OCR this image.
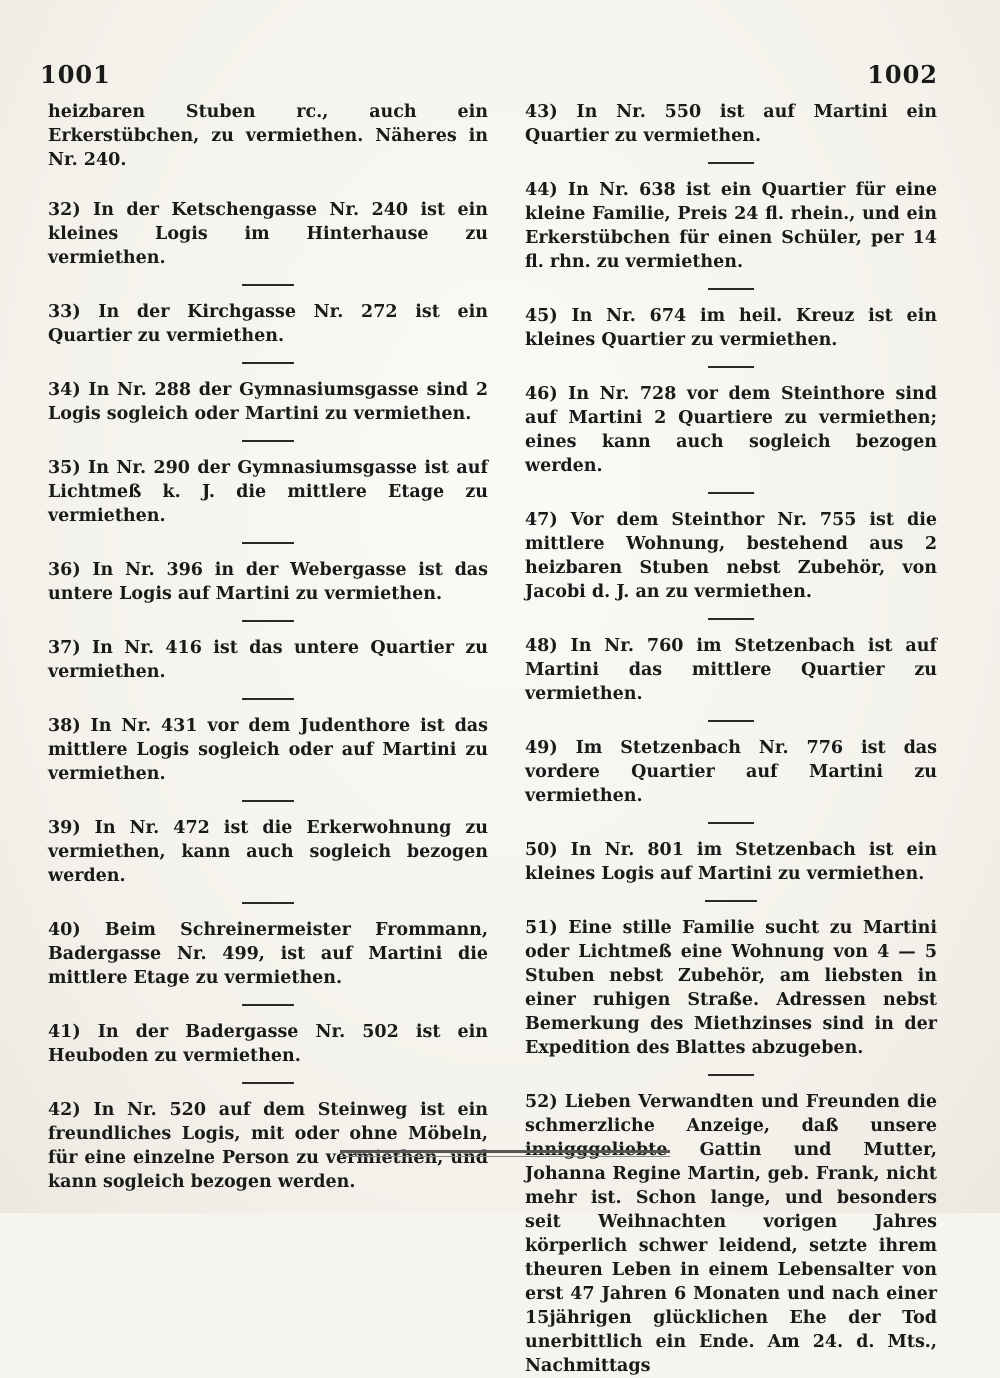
1001	1002

heizbaren Stuben rc., auch ein Erkerstübchen, zu vermiethen. Näheres in Nr. 240.

32) In der Ketschengasse Nr. 240 ist ein kleines Logis im Hinterhause zu vermiethen.

33) In der Kirchgasse Nr. 272 ist ein Quartier zu vermiethen.

34) In Nr. 288 der Gymnasiumsgasse sind 2 Logis sogleich oder Martini zu vermiethen.

35) In Nr. 290 der Gymnasiumsgasse ist auf Lichtmeß k. J. die mittlere Etage zu vermiethen.

36) In Nr. 396 in der Webergasse ist das untere Logis auf Martini zu vermiethen.

37) In Nr. 416 ist das untere Quartier zu vermiethen.

38) In Nr. 431 vor dem Judenthore ist das mittlere Logis sogleich oder auf Martini zu vermiethen.

39) In Nr. 472 ist die Erkerwohnung zu vermiethen, kann auch sogleich bezogen werden.

40) Beim Schreinermeister Frommann, Badergasse Nr. 499, ist auf Martini die mittlere Etage zu vermiethen.

41) In der Badergasse Nr. 502 ist ein Heuboden zu vermiethen.

42) In Nr. 520 auf dem Steinweg ist ein freundliches Logis, mit oder ohne Möbeln, für eine einzelne Person zu vermiethen, und kann sogleich bezogen werden.

43) In Nr. 550 ist auf Martini ein Quartier zu vermiethen.

44) In Nr. 638 ist ein Quartier für eine kleine Familie, Preis 24 fl. rhein., und ein Erkerstübchen für einen Schüler, per 14 fl. rhn. zu vermiethen.

45) In Nr. 674 im heil. Kreuz ist ein kleines Quartier zu vermiethen.

46) In Nr. 728 vor dem Steinthore sind auf Martini 2 Quartiere zu vermiethen; eines kann auch sogleich bezogen werden.

47) Vor dem Steinthor Nr. 755 ist die mittlere Wohnung, bestehend aus 2 heizbaren Stuben nebst Zubehör, von Jacobi d. J. an zu vermiethen.

48) In Nr. 760 im Stetzenbach ist auf Martini das mittlere Quartier zu vermiethen.

49) Im Stetzenbach Nr. 776 ist das vordere Quartier auf Martini zu vermiethen.

50) In Nr. 801 im Stetzenbach ist ein kleines Logis auf Martini zu vermiethen.

51) Eine stille Familie sucht zu Martini oder Lichtmeß eine Wohnung von 4 — 5 Stuben nebst Zubehör, am liebsten in einer ruhigen Straße. Adressen nebst Bemerkung des Miethzinses sind in der Expedition des Blattes abzugeben.

52) Lieben Verwandten und Freunden die schmerzliche Anzeige, daß unsere innigggeliebte Gattin und Mutter, Johanna Regine Martin, geb. Frank, nicht mehr ist. Schon lange, und besonders seit Weihnachten vorigen Jahres körperlich schwer leidend, setzte ihrem theuren Leben in einem Lebensalter von erst 47 Jahren 6 Monaten und nach einer 15jährigen glücklichen Ehe der Tod unerbittlich ein Ende. Am 24. d. Mts., Nachmittags
